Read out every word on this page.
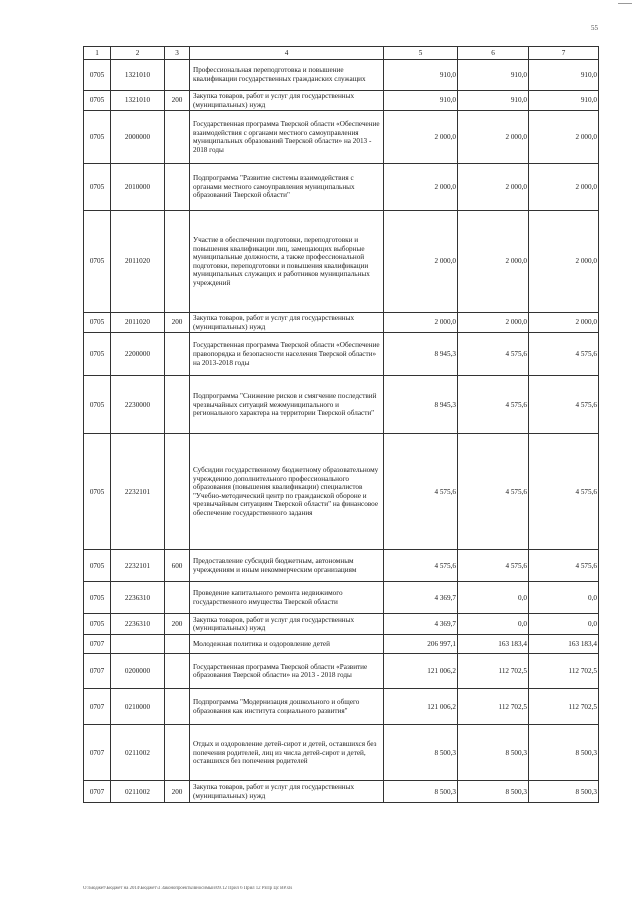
55
1	2	3	4	5	6	7
0705	1321010		Профессиональная переподготовка и повышение квалификации государственных гражданских служащих	910,0	910,0	910,0
0705	1321010	200	Закупка товаров, работ и услуг для государственных (муниципальных) нужд	910,0	910,0	910,0
0705	2000000		Государственная программа Тверской области «Обеспечение взаимодействия с органами местного самоуправления муниципальных образований Тверской области» на 2013 - 2018 годы	2 000,0	2 000,0	2 000,0
0705	2010000		Подпрограмма "Развитие системы взаимодействия с органами местного самоуправления муниципальных образований Тверской области"	2 000,0	2 000,0	2 000,0
0705	2011020		Участие в обеспечении подготовки, переподготовки и повышения квалификации лиц, замещающих выборные муниципальные должности, а также профессиональной подготовки, переподготовки и повышения квалификации муниципальных служащих и работников муниципальных учреждений	2 000,0	2 000,0	2 000,0
0705	2011020	200	Закупка товаров, работ и услуг для государственных (муниципальных) нужд	2 000,0	2 000,0	2 000,0
0705	2200000		Государственная программа Тверской области «Обеспечение правопорядка и безопасности населения Тверской области» на 2013-2018 годы	8 945,3	4 575,6	4 575,6
0705	2230000		Подпрограмма "Снижение рисков и смягчение последствий чрезвычайных ситуаций межмуниципального и регионального характера на территории Тверской области"	8 945,3	4 575,6	4 575,6
0705	2232101		Субсидии государственному бюджетному образовательному учреждению дополнительного профессионального образования (повышения квалификации) специалистов "Учебно-методический центр по гражданской обороне и чрезвычайным ситуациям Тверской области" на финансовое обеспечение государственного задания	4 575,6	4 575,6	4 575,6
0705	2232101	600	Предоставление субсидий бюджетным, автономным учреждениям и иным некоммерческим организациям	4 575,6	4 575,6	4 575,6
0705	2236310		Проведение капитального ремонта недвижимого государственного имущества Тверской области	4 369,7	0,0	0,0
0705	2236310	200	Закупка товаров, работ и услуг для государственных (муниципальных) нужд	4 369,7	0,0	0,0
0707			Молодежная политика и оздоровление детей	206 997,1	163 183,4	163 183,4
0707	0200000		Государственная программа Тверской области «Развитие образования Тверской области» на 2013 - 2018 годы	121 006,2	112 702,5	112 702,5
0707	0210000		Подпрограмма "Модернизация дошкольного и общего образования как института социального развития"	121 006,2	112 702,5	112 702,5
0707	0211002		Отдых и оздоровление детей-сирот и детей, оставшихся без попечения родителей, лиц из числа детей-сирот и детей, оставшихся без попечения родителей	8 500,3	8 500,3	8 500,3
0707	0211002	200	Закупка товаров, работ и услуг для государственных (муниципальных) нужд	8 500,3	8 500,3	8 500,3
O:\Бюджет\Бюджет на 2014\Бюджет\3 Законопроекты\вносимый\09.12 Прил 6 Прил 12 РзПр Цс ВР.xls
